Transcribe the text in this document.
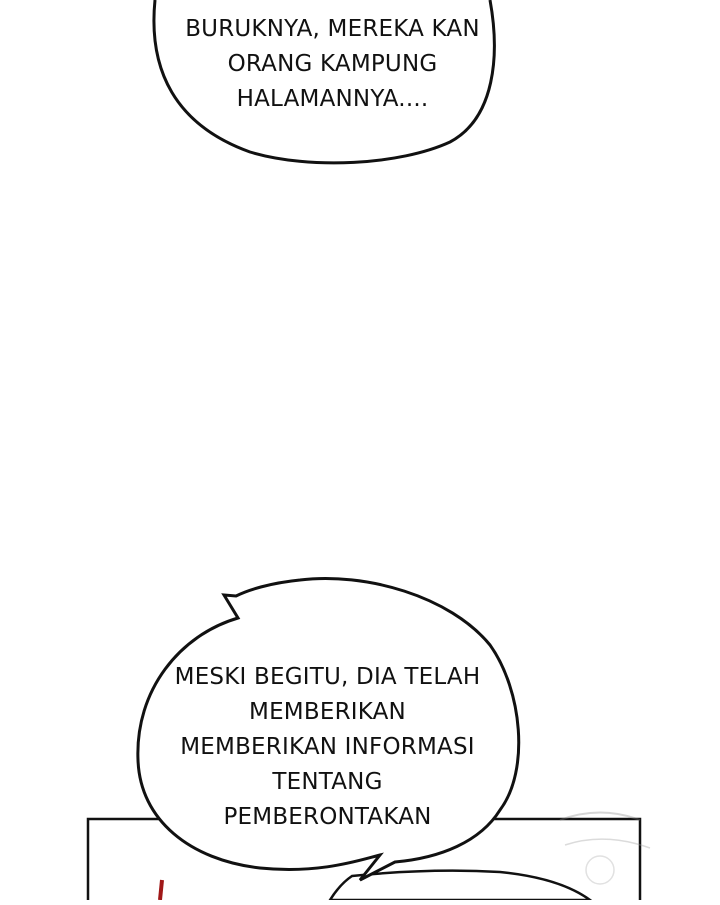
BURUKNYA, MEREKA KAN
ORANG KAMPUNG
HALAMANNYA....
MESKI BEGITU, DIA TELAH
MEMBERIKAN
MEMBERIKAN INFORMASI
TENTANG
PEMBERONTAKAN
